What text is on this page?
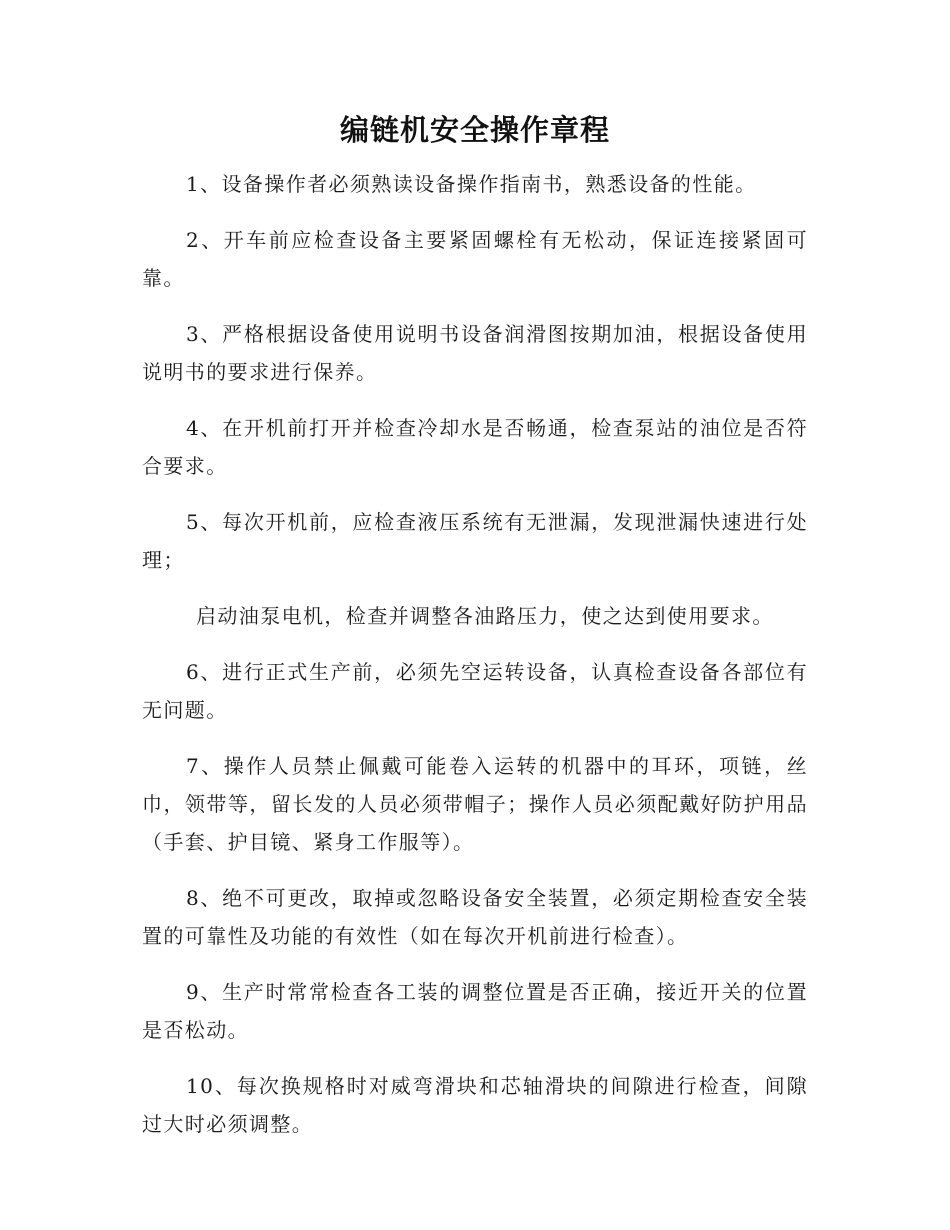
编链机安全操作章程

1、设备操作者必须熟读设备操作指南书，熟悉设备的性能。

2、开车前应检查设备主要紧固螺栓有无松动，保证连接紧固可靠。

3、严格根据设备使用说明书设备润滑图按期加油，根据设备使用说明书的要求进行保养。

4、在开机前打开并检查冷却水是否畅通，检查泵站的油位是否符合要求。

5、每次开机前，应检查液压系统有无泄漏，发现泄漏快速进行处理；

启动油泵电机，检查并调整各油路压力，使之达到使用要求。

6、进行正式生产前，必须先空运转设备，认真检查设备各部位有无问题。

7、操作人员禁止佩戴可能卷入运转的机器中的耳环，项链，丝巾，领带等，留长发的人员必须带帽子；操作人员必须配戴好防护用品（手套、护目镜、紧身工作服等）。

8、绝不可更改，取掉或忽略设备安全装置，必须定期检查安全装置的可靠性及功能的有效性（如在每次开机前进行检查）。

9、生产时常常检查各工装的调整位置是否正确，接近开关的位置是否松动。

10、每次换规格时对威弯滑块和芯轴滑块的间隙进行检查，间隙过大时必须调整。
